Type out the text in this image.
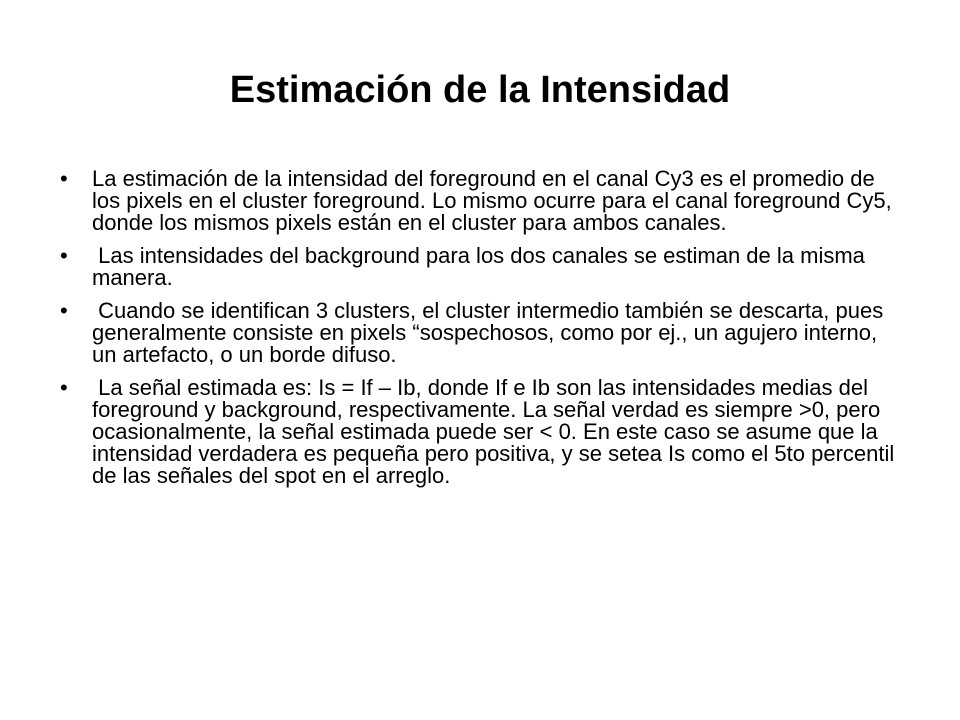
Estimación de la Intensidad
•	La estimación de la intensidad del foreground en el canal Cy3 es el promedio de los pixels en el cluster foreground. Lo mismo ocurre para el canal foreground Cy5, donde los mismos pixels están en el cluster para ambos canales.
•	Las intensidades del background para los dos canales se estiman de la misma manera.
•	Cuando se identifican 3 clusters, el cluster intermedio también se descarta, pues generalmente consiste en pixels “sospechosos, como por ej., un agujero interno, un artefacto, o un borde difuso.
•	La señal estimada es: Is = If – Ib, donde If e Ib son las intensidades medias del foreground y background, respectivamente. La señal verdad es siempre >0, pero ocasionalmente, la señal estimada puede ser < 0. En este caso se asume que la intensidad verdadera es pequeña pero positiva, y se setea Is como el 5to percentil de las señales del spot en el arreglo.
